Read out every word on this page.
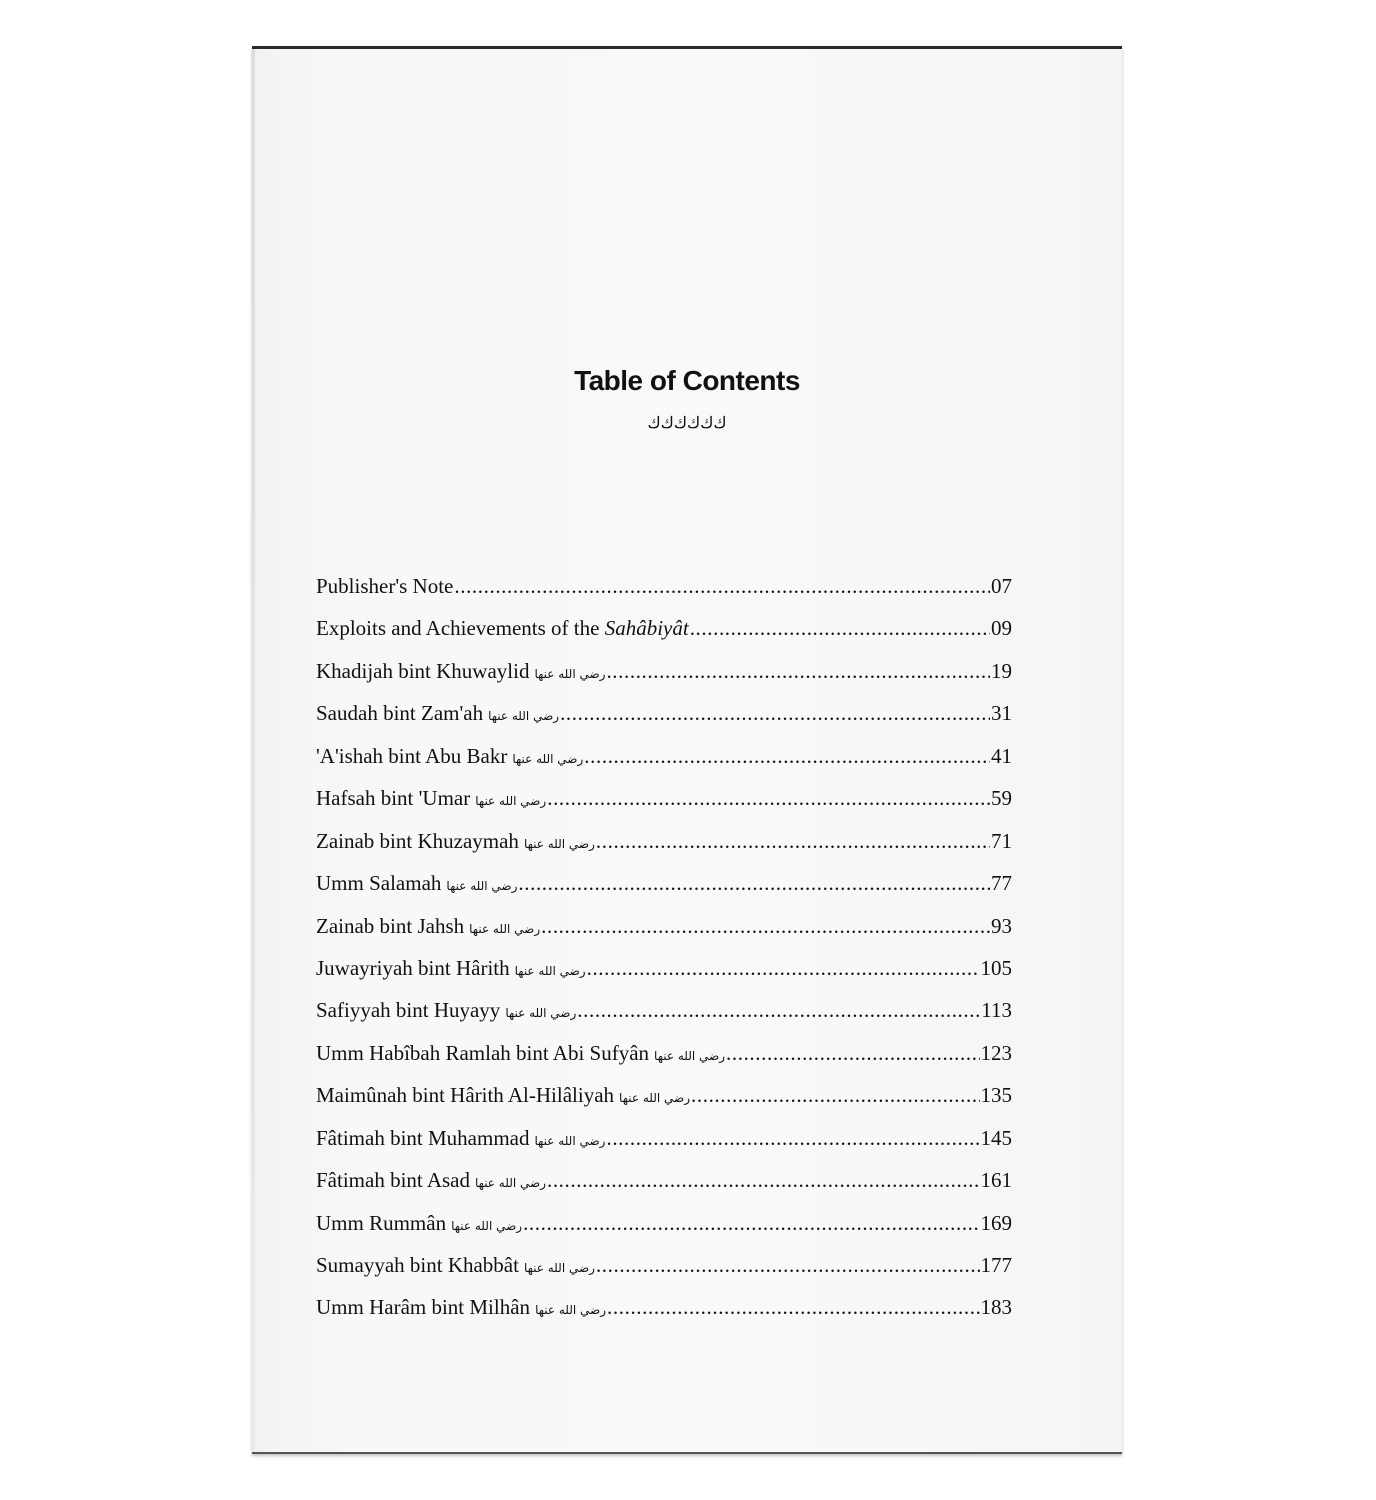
Table of Contents
ﻙﻙﻙﻙﻙﻙ
Publisher's Note .....	07
Exploits and Achievements of the Sahâbiyât .....	09
Khadijah bint Khuwaylid رضي الله عنها .....	19
Saudah bint Zam'ah رضي الله عنها .....	31
'A'ishah bint Abu Bakr رضي الله عنها .....	41
Hafsah bint 'Umar رضي الله عنها .....	59
Zainab bint Khuzaymah رضي الله عنها .....	71
Umm Salamah رضي الله عنها .....	77
Zainab bint Jahsh رضي الله عنها .....	93
Juwayriyah bint Hârith رضي الله عنها .....	105
Safiyyah bint Huyayy رضي الله عنها .....	113
Umm Habîbah Ramlah bint Abi Sufyân رضي الله عنها .....	123
Maimûnah bint Hârith Al-Hilâliyah رضي الله عنها .....	135
Fâtimah bint Muhammad رضي الله عنها .....	145
Fâtimah bint Asad رضي الله عنها .....	161
Umm Rummân رضي الله عنها .....	169
Sumayyah bint Khabbât رضي الله عنها .....	177
Umm Harâm bint Milhân رضي الله عنها .....	183
